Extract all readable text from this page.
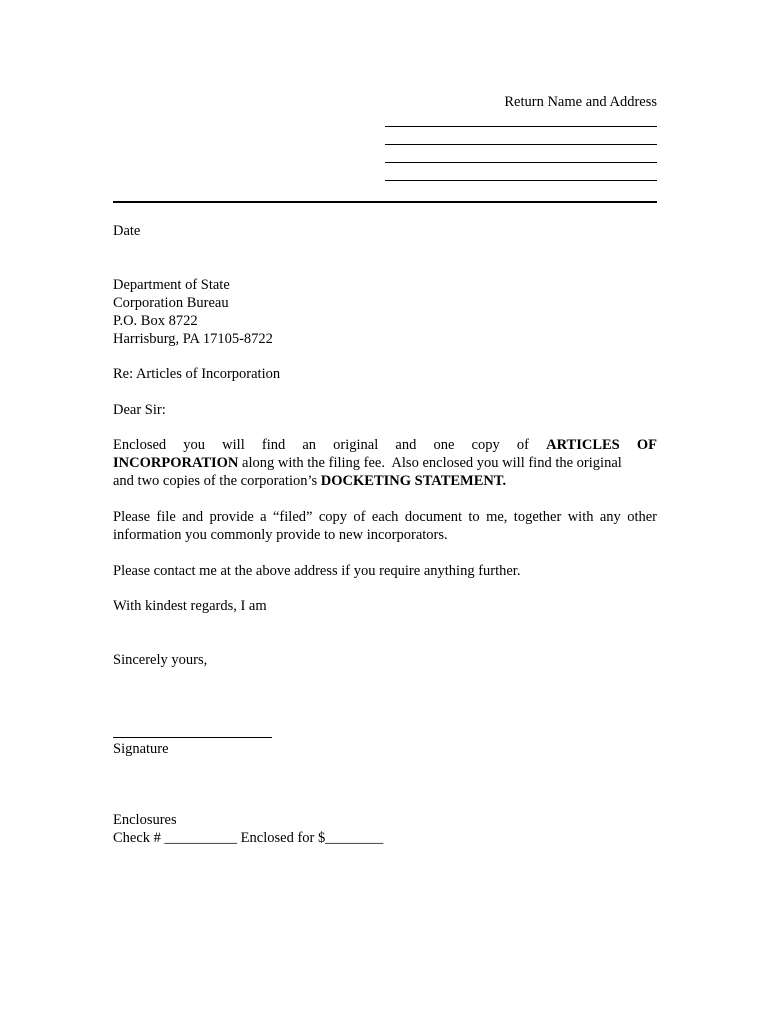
Return Name and Address

Date

Department of State
Corporation Bureau
P.O. Box 8722
Harrisburg, PA 17105-8722

Re: Articles of Incorporation

Dear Sir:

Enclosed you will find an original and one copy of ARTICLES OF
INCORPORATION along with the filing fee.  Also enclosed you will find the original
and two copies of the corporation’s DOCKETING STATEMENT.
Please file and provide a “filed” copy of each document to me, together with any other
information you commonly provide to new incorporators.

Please contact me at the above address if you require anything further.

With kindest regards, I am

Sincerely yours,

Signature

Enclosures
Check # __________ Enclosed for $________
